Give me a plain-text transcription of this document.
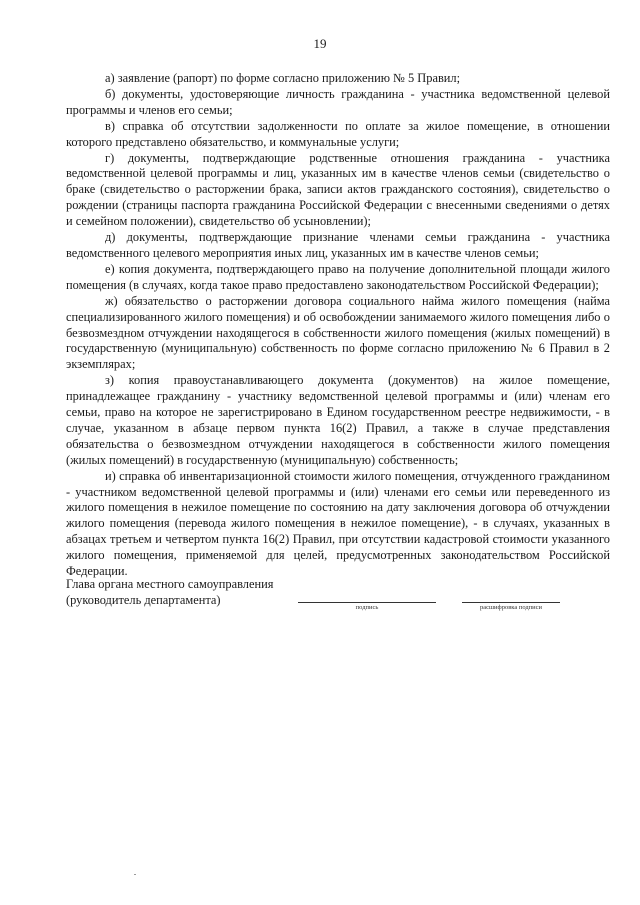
19

а) заявление (рапорт) по форме согласно приложению № 5 Правил;

б) документы, удостоверяющие личность гражданина - участника ведомственной целевой программы и членов его семьи;

в) справка об отсутствии задолженности по оплате за жилое помещение, в отношении которого представлено обязательство, и коммунальные услуги;

г) документы, подтверждающие родственные отношения гражданина - участника ведомственной целевой программы и лиц, указанных им в качестве членов семьи (свидетельство о браке (свидетельство о расторжении брака, записи актов гражданского состояния), свидетельство о рождении (страницы паспорта гражданина Российской Федерации с внесенными сведениями о детях и семейном положении), свидетельство об усыновлении);

д) документы, подтверждающие признание членами семьи гражданина - участника ведомственного целевого мероприятия иных лиц, указанных им в качестве членов семьи;

е) копия документа, подтверждающего право на получение дополнительной площади жилого помещения (в случаях, когда такое право предоставлено законодательством Российской Федерации);

ж) обязательство о расторжении договора социального найма жилого помещения (найма специализированного жилого помещения) и об освобождении занимаемого жилого помещения либо о безвозмездном отчуждении находящегося в собственности жилого помещения (жилых помещений) в государственную (муниципальную) собственность по форме согласно приложению № 6 Правил в 2 экземплярах;

з) копия правоустанавливающего документа (документов) на жилое помещение, принадлежащее гражданину - участнику ведомственной целевой программы и (или) членам его семьи, право на которое не зарегистрировано в Едином государственном реестре недвижимости, - в случае, указанном в абзаце первом пункта 16(2) Правил, а также в случае представления обязательства о безвозмездном отчуждении находящегося в собственности жилого помещения (жилых помещений) в государственную (муниципальную) собственность;

и) справка об инвентаризационной стоимости жилого помещения, отчужденного гражданином - участником ведомственной целевой программы и (или) членами его семьи или переведенного из жилого помещения в нежилое помещение по состоянию на дату заключения договора об отчуждении жилого помещения (перевода жилого помещения в нежилое помещение), - в случаях, указанных в абзацах третьем и четвертом пункта 16(2) Правил, при отсутствии кадастровой стоимости указанного жилого помещения, применяемой для целей, предусмотренных законодательством Российской Федерации.

Глава органа местного самоуправления
(руководитель департамента)
подпись	расшифровка подписи
